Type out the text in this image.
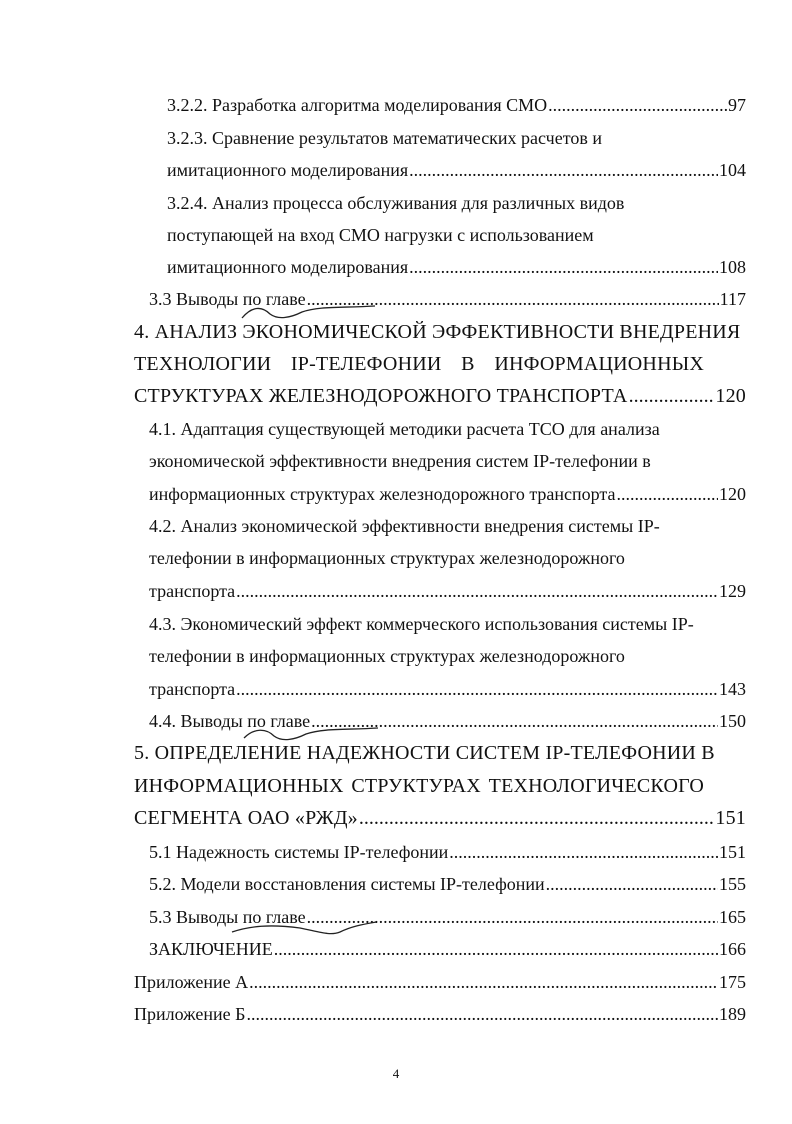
3.2.2. Разработка алгоритма моделирования СМО .....	97
3.2.3. Сравнение результатов математических расчетов и
имитационного моделирования .....	104
3.2.4. Анализ процесса обслуживания для различных видов
поступающей на вход СМО нагрузки с использованием
имитационного моделирования .....	108
3.3 Выводы по главе .....	117
4. АНАЛИЗ ЭКОНОМИЧЕСКОЙ ЭФФЕКТИВНОСТИ ВНЕДРЕНИЯ
ТЕХНОЛОГИИ IP-ТЕЛЕФОНИИ В ИНФОРМАЦИОННЫХ
СТРУКТУРАХ ЖЕЛЕЗНОДОРОЖНОГО ТРАНСПОРТА .....	120
4.1. Адаптация существующей методики расчета TCO для анализа
экономической эффективности внедрения систем IP-телефонии в
информационных структурах железнодорожного транспорта .....	120
4.2. Анализ экономической эффективности внедрения системы IP-
телефонии в информационных структурах железнодорожного
транспорта .....	129
4.3. Экономический эффект коммерческого использования системы IP-
телефонии в информационных структурах железнодорожного
транспорта .....	143
4.4. Выводы по главе .....	150
5. ОПРЕДЕЛЕНИЕ НАДЕЖНОСТИ СИСТЕМ IP-ТЕЛЕФОНИИ В
ИНФОРМАЦИОННЫХ СТРУКТУРАХ ТЕХНОЛОГИЧЕСКОГО
СЕГМЕНТА ОАО «РЖД» .....	151
5.1 Надежность системы IP-телефонии .....	151
5.2. Модели восстановления системы IP-телефонии .....	155
5.3 Выводы по главе .....	165
ЗАКЛЮЧЕНИЕ .....	166
Приложение А .....	175
Приложение Б .....	189
4
